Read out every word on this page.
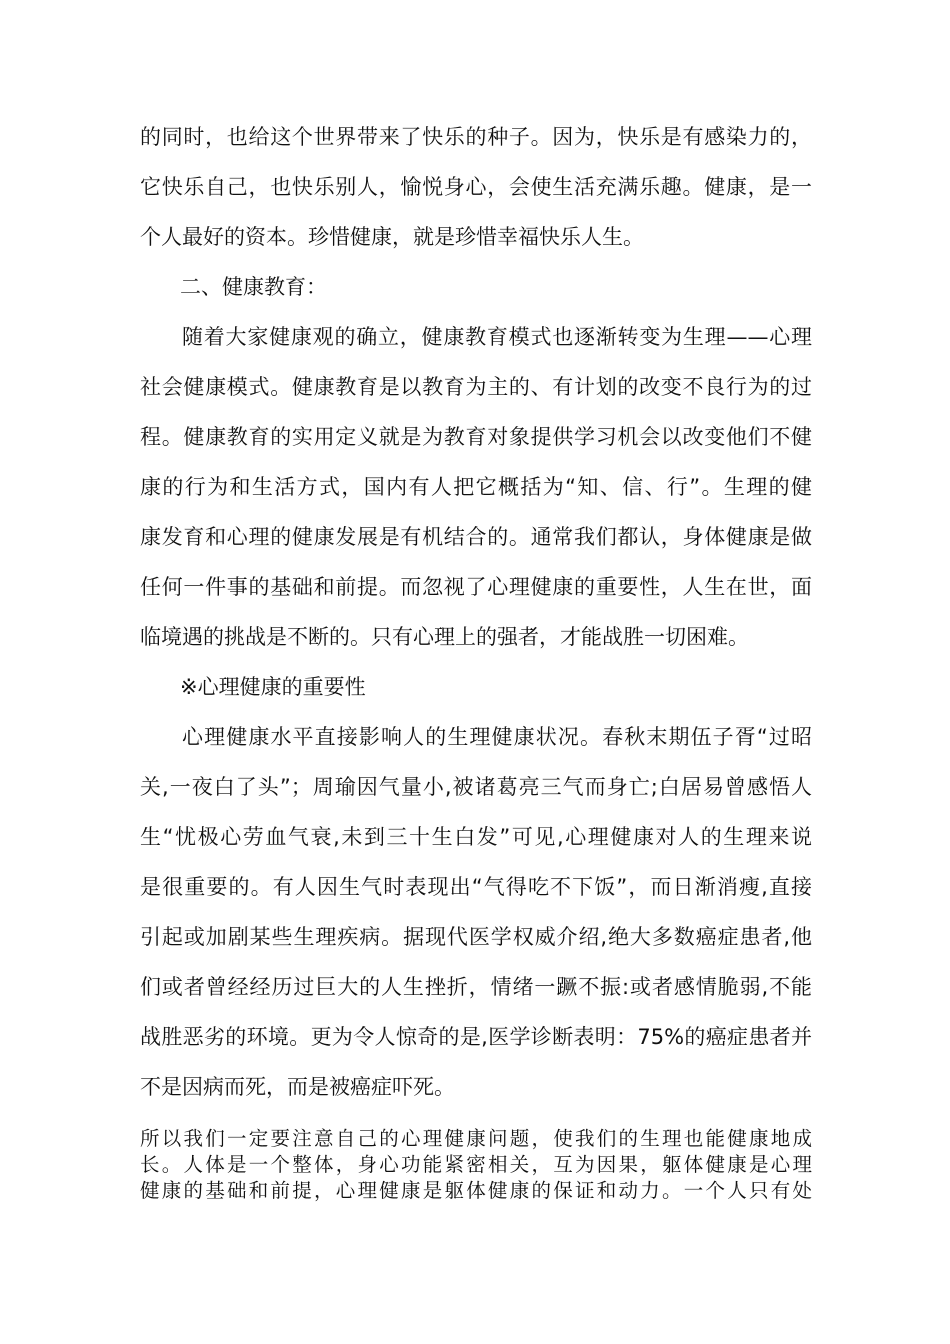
的同时，也给这个世界带来了快乐的种子。因为，快乐是有感染力的，
它快乐自己，也快乐别人，愉悦身心，会使生活充满乐趣。健康，是一
个人最好的资本。珍惜健康，就是珍惜幸福快乐人生。
二、健康教育：
随着大家健康观的确立，健康教育模式也逐渐转变为生理——心理
社会健康模式。健康教育是以教育为主的、有计划的改变不良行为的过
程。健康教育的实用定义就是为教育对象提供学习机会以改变他们不健
康的行为和生活方式，国内有人把它概括为“知、信、行”。生理的健
康发育和心理的健康发展是有机结合的。通常我们都认，身体健康是做
任何一件事的基础和前提。而忽视了心理健康的重要性，人生在世，面
临境遇的挑战是不断的。只有心理上的强者，才能战胜一切困难。
※心理健康的重要性
心理健康水平直接影响人的生理健康状况。春秋末期伍子胥“过昭
关,一夜白了头”；周瑜因气量小,被诸葛亮三气而身亡;白居易曾感悟人
生“忧极心劳血气衰,未到三十生白发”可见,心理健康对人的生理来说
是很重要的。有人因生气时表现出“气得吃不下饭”，而日渐消瘦,直接
引起或加剧某些生理疾病。据现代医学权威介绍,绝大多数癌症患者,他
们或者曾经经历过巨大的人生挫折，情绪一蹶不振:或者感情脆弱,不能
战胜恶劣的环境。更为令人惊奇的是,医学诊断表明：75%的癌症患者并
不是因病而死，而是被癌症吓死。
所以我们一定要注意自己的心理健康问题，使我们的生理也能健康地成
长。人体是一个整体，身心功能紧密相关，互为因果，躯体健康是心理
健康的基础和前提，心理健康是躯体健康的保证和动力。一个人只有处
